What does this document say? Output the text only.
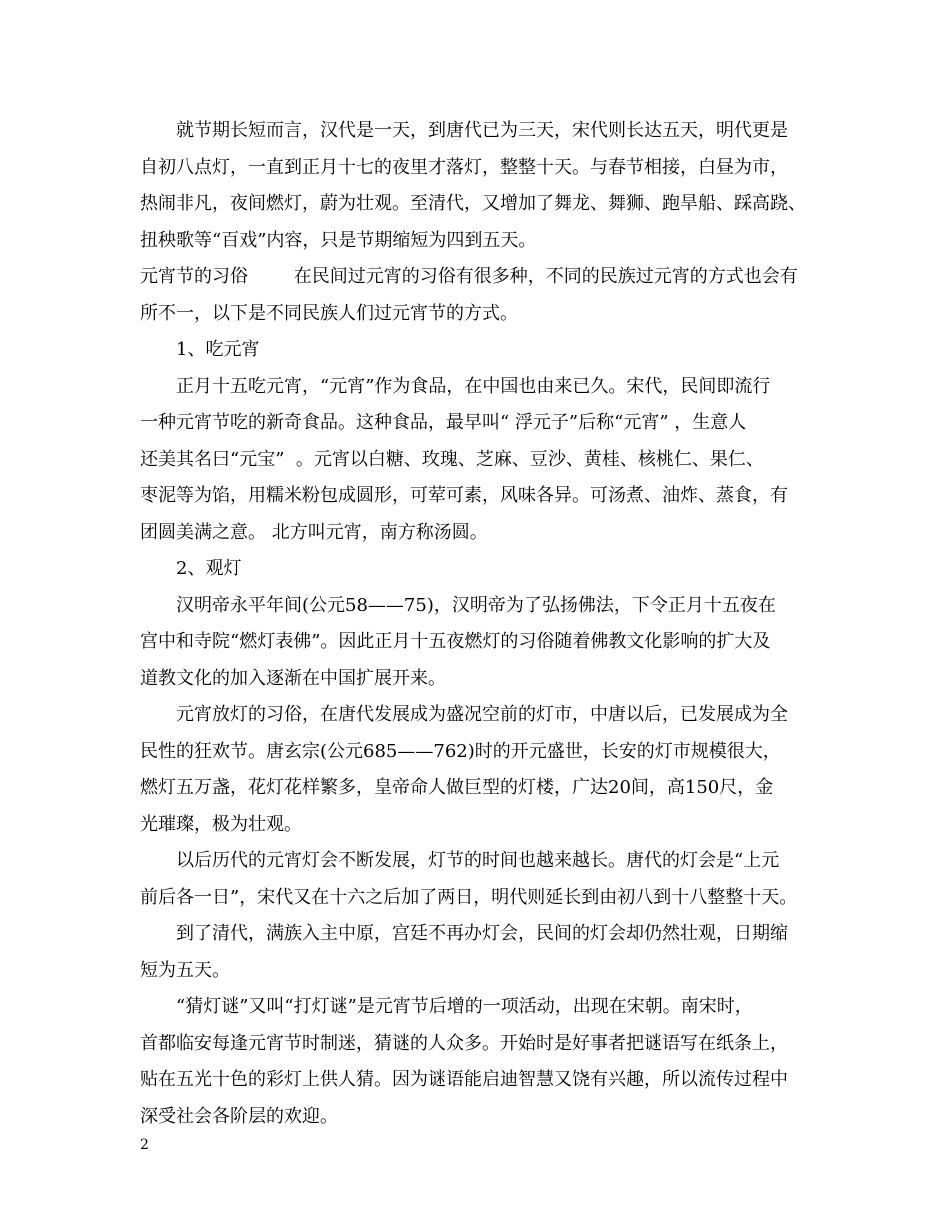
就节期长短而言，汉代是一天，到唐代已为三天，宋代则长达五天，明代更是
自初八点灯，一直到正月十七的夜里才落灯，整整十天。与春节相接，白昼为市，
热闹非凡，夜间燃灯，蔚为壮观。至清代，又增加了舞龙、舞狮、跑旱船、踩高跷、
扭秧歌等“百戏”内容，只是节期缩短为四到五天。
元宵节的习俗        在民间过元宵的习俗有很多种，不同的民族过元宵的方式也会有
所不一，以下是不同民族人们过元宵节的方式。
1、吃元宵
正月十五吃元宵，“元宵”作为食品，在中国也由来已久。宋代，民间即流行
一种元宵节吃的新奇食品。这种食品，最早叫“ 浮元子”后称“元宵” ，生意人
还美其名曰“元宝”  。元宵以白糖、玫瑰、芝麻、豆沙、黄桂、核桃仁、果仁、
枣泥等为馅，用糯米粉包成圆形，可荤可素，风味各异。可汤煮、油炸、蒸食，有
团圆美满之意。 北方叫元宵，南方称汤圆。
2、观灯
汉明帝永平年间(公元58——75)，汉明帝为了弘扬佛法，下令正月十五夜在
宫中和寺院“燃灯表佛”。因此正月十五夜燃灯的习俗随着佛教文化影响的扩大及
道教文化的加入逐渐在中国扩展开来。
元宵放灯的习俗，在唐代发展成为盛况空前的灯市，中唐以后，已发展成为全
民性的狂欢节。唐玄宗(公元685——762)时的开元盛世，长安的灯市规模很大，
燃灯五万盏，花灯花样繁多，皇帝命人做巨型的灯楼，广达20间，高150尺，金
光璀璨，极为壮观。
以后历代的元宵灯会不断发展，灯节的时间也越来越长。唐代的灯会是“上元
前后各一日”，宋代又在十六之后加了两日，明代则延长到由初八到十八整整十天。
到了清代，满族入主中原，宫廷不再办灯会，民间的灯会却仍然壮观，日期缩
短为五天。
“猜灯谜”又叫“打灯谜”是元宵节后增的一项活动，出现在宋朝。南宋时，
首都临安每逢元宵节时制迷，猜谜的人众多。开始时是好事者把谜语写在纸条上，
贴在五光十色的彩灯上供人猜。因为谜语能启迪智慧又饶有兴趣，所以流传过程中
深受社会各阶层的欢迎。
2
